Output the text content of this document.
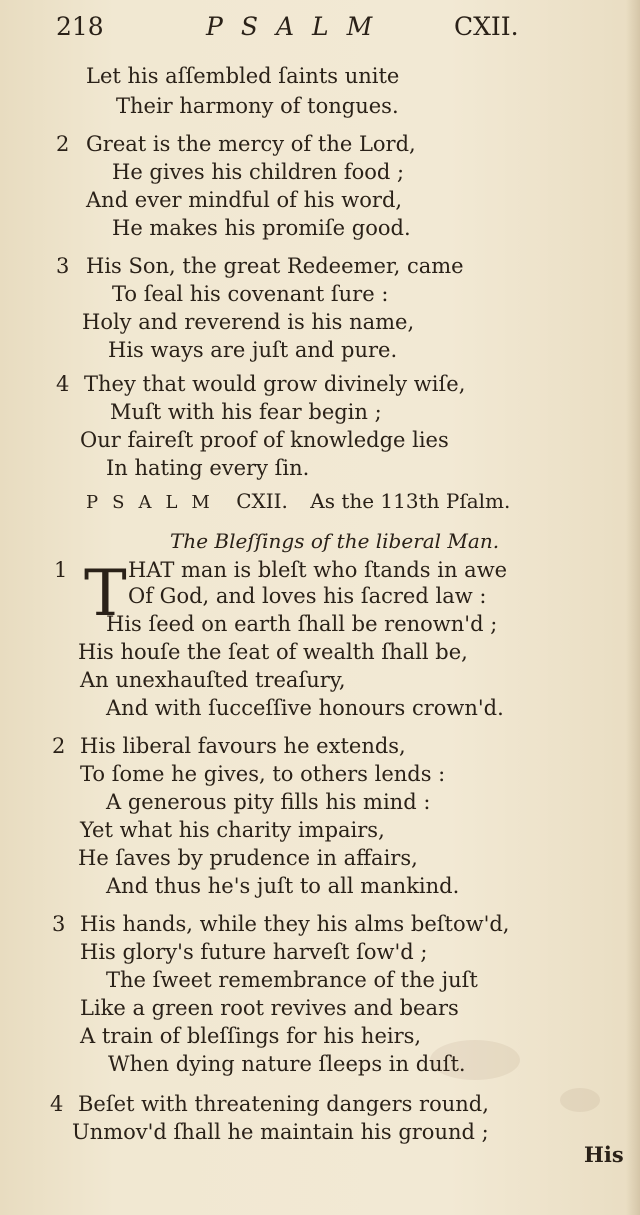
218	PSALM	CXII.
Let his aſſembled ſaints unite
Their harmony of tongues.
2 Great is the mercy of the Lord,
He gives his children food ;
And ever mindful of his word,
He makes his promiſe good.
3 His Son, the great Redeemer, came
To ſeal his covenant ſure :
Holy and reverend is his name,
His ways are juſt and pure.
4 They that would grow divinely wiſe,
Muſt with his fear begin ;
Our faireſt proof of knowledge lies
In hating every ſin.
PSALM CXII. As the 113th Pſalm.
The Bleſſings of the liberal Man.
1 T HAT man is bleſt who ſtands in awe
Of God, and loves his ſacred law :
His ſeed on earth ſhall be renown'd ;
His houſe the ſeat of wealth ſhall be,
An unexhauſted treaſury,
And with ſucceſſive honours crown'd.
2 His liberal favours he extends,
To ſome he gives, to others lends :
A generous pity fills his mind :
Yet what his charity impairs,
He ſaves by prudence in affairs,
And thus he's juſt to all mankind.
3 His hands, while they his alms beſtow'd,
His glory's future harveſt ſow'd ;
The ſweet remembrance of the juſt
Like a green root revives and bears
A train of bleſſings for his heirs,
When dying nature ſleeps in duſt.
4 Beſet with threatening dangers round,
Unmov'd ſhall he maintain his ground ;
His
